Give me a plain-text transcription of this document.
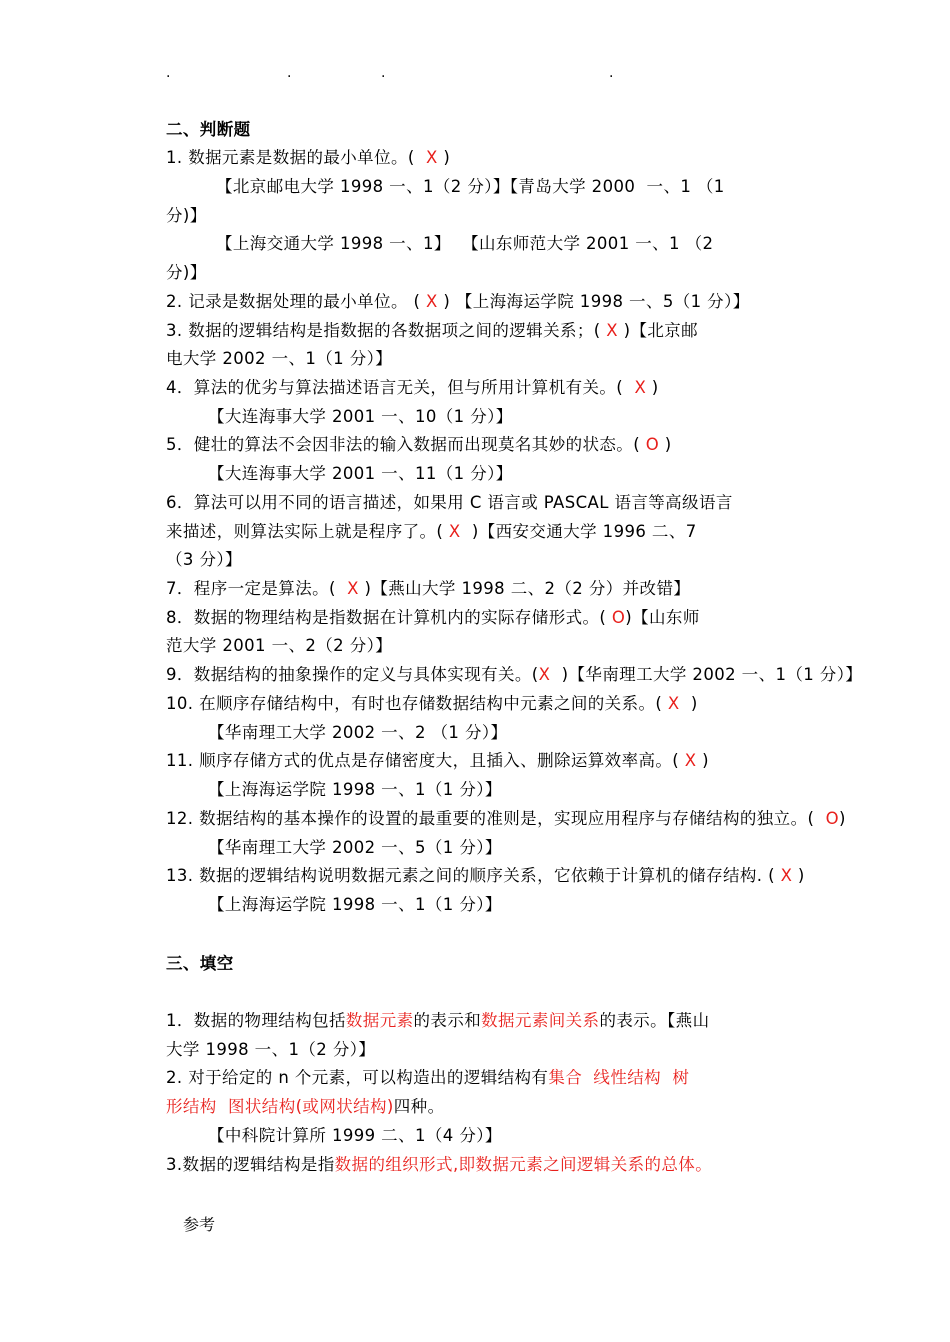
.	.	.	.
二、判断题
1. 数据元素是数据的最小单位。(  X )
【北京邮电大学 1998 一、1（2 分）】【青岛大学 2000  一、1 （1
分)】
【上海交通大学 1998 一、1】  【山东师范大学 2001 一、1 （2
分)】
2. 记录是数据处理的最小单位。 ( X ) 【上海海运学院 1998 一、5（1 分）】
3. 数据的逻辑结构是指数据的各数据项之间的逻辑关系；( X )【北京邮
电大学 2002 一、1（1 分）】
4．算法的优劣与算法描述语言无关，但与所用计算机有关。(  X )
【大连海事大学 2001 一、10（1 分）】
5．健壮的算法不会因非法的输入数据而出现莫名其妙的状态。( O )
【大连海事大学 2001 一、11（1 分）】
6．算法可以用不同的语言描述，如果用 C 语言或 PASCAL 语言等高级语言
来描述，则算法实际上就是程序了。( X  )【西安交通大学 1996 二、7
（3 分）】
7．程序一定是算法。(  X )【燕山大学 1998 二、2（2 分）并改错】
8．数据的物理结构是指数据在计算机内的实际存储形式。( O)【山东师
范大学 2001 一、2（2 分）】
9．数据结构的抽象操作的定义与具体实现有关。(X  )【华南理工大学 2002 一、1（1 分）】
10. 在顺序存储结构中，有时也存储数据结构中元素之间的关系。( X  )
【华南理工大学 2002 一、2 （1 分）】
11. 顺序存储方式的优点是存储密度大，且插入、删除运算效率高。( X )
【上海海运学院 1998 一、1（1 分）】
12. 数据结构的基本操作的设置的最重要的准则是，实现应用程序与存储结构的独立。(  O)
【华南理工大学 2002 一、5（1 分）】
13. 数据的逻辑结构说明数据元素之间的顺序关系，它依赖于计算机的储存结构. ( X )
【上海海运学院 1998 一、1（1 分）】
三、填空
1．数据的物理结构包括数据元素的表示和数据元素间关系的表示。【燕山
大学 1998 一、1（2 分）】
2. 对于给定的 n 个元素，可以构造出的逻辑结构有集合  线性结构  树
形结构  图状结构(或网状结构)四种。
【中科院计算所 1999 二、1（4 分）】
3.数据的逻辑结构是指数据的组织形式,即数据元素之间逻辑关系的总体。
参考
